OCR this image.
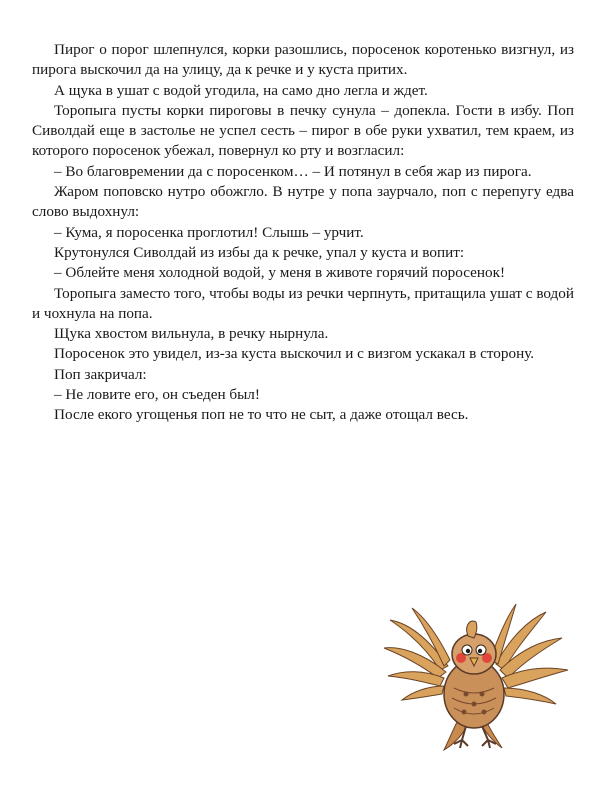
Пирог о порог шлепнулся, корки разошлись, поросенок коротенько визгнул, из пирога выскочил да на улицу, да к речке и у куста притих.

А щука в ушат с водой угодила, на само дно легла и ждет.

Торопыга пусты корки пироговы в печку сунула – допекла. Гости в избу. Поп Сиволдай еще в застолье не успел сесть – пирог в обе руки ухватил, тем краем, из которого поросенок убежал, повернул ко рту и возгласил:

– Во благовремении да с поросенком… – И потянул в себя жар из пирога.

Жаром поповско нутро обожгло. В нутре у попа заурчало, поп с перепугу едва слово выдохнул:

– Кума, я поросенка проглотил! Слышь – урчит.

Крутонулся Сиволдай из избы да к речке, упал у куста и вопит:

– Облейте меня холодной водой, у меня в животе горячий поросенок!

Торопыга заместо того, чтобы воды из речки черпнуть, притащила ушат с водой и чохнула на попа.

Щука хвостом вильнула, в речку нырнула.

Поросенок это увидел, из-за куста выскочил и с визгом ускакал в сторону.

Поп закричал:

– Не ловите его, он съеден был!

После екого угощенья поп не то что не сыт, а даже отощал весь.
